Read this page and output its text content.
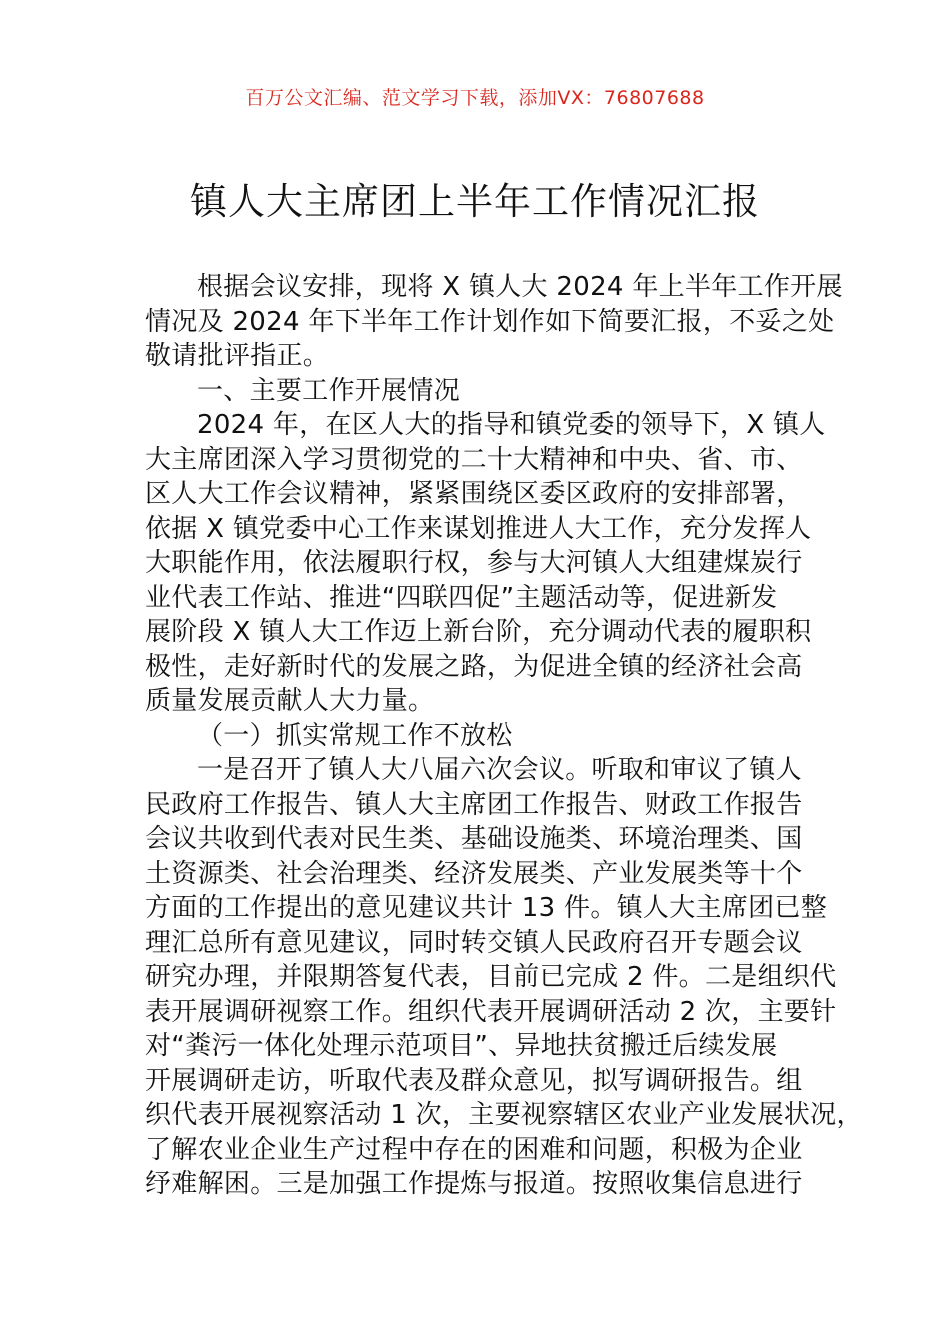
百万公文汇编、范文学习下载，添加VX：76807688
镇人大主席团上半年工作情况汇报
根据会议安排，现将 X 镇人大 2024 年上半年工作开展
情况及 2024 年下半年工作计划作如下简要汇报，不妥之处
敬请批评指正。
一、主要工作开展情况
2024 年，在区人大的指导和镇党委的领导下，X 镇人
大主席团深入学习贯彻党的二十大精神和中央、省、市、
区人大工作会议精神，紧紧围绕区委区政府的安排部署，
依据 X 镇党委中心工作来谋划推进人大工作，充分发挥人
大职能作用，依法履职行权，参与大河镇人大组建煤炭行
业代表工作站、推进“四联四促”主题活动等，促进新发
展阶段 X 镇人大工作迈上新台阶，充分调动代表的履职积
极性，走好新时代的发展之路，为促进全镇的经济社会高
质量发展贡献人大力量。
（一）抓实常规工作不放松
一是召开了镇人大八届六次会议。听取和审议了镇人
民政府工作报告、镇人大主席团工作报告、财政工作报告
会议共收到代表对民生类、基础设施类、环境治理类、国
土资源类、社会治理类、经济发展类、产业发展类等十个
方面的工作提出的意见建议共计 13 件。镇人大主席团已整
理汇总所有意见建议，同时转交镇人民政府召开专题会议
研究办理，并限期答复代表，目前已完成 2 件。二是组织代
表开展调研视察工作。组织代表开展调研活动 2 次，主要针
对“粪污一体化处理示范项目”、异地扶贫搬迁后续发展
开展调研走访，听取代表及群众意见，拟写调研报告。组
织代表开展视察活动 1 次，主要视察辖区农业产业发展状况，
了解农业企业生产过程中存在的困难和问题，积极为企业
纾难解困。三是加强工作提炼与报道。按照收集信息进行
